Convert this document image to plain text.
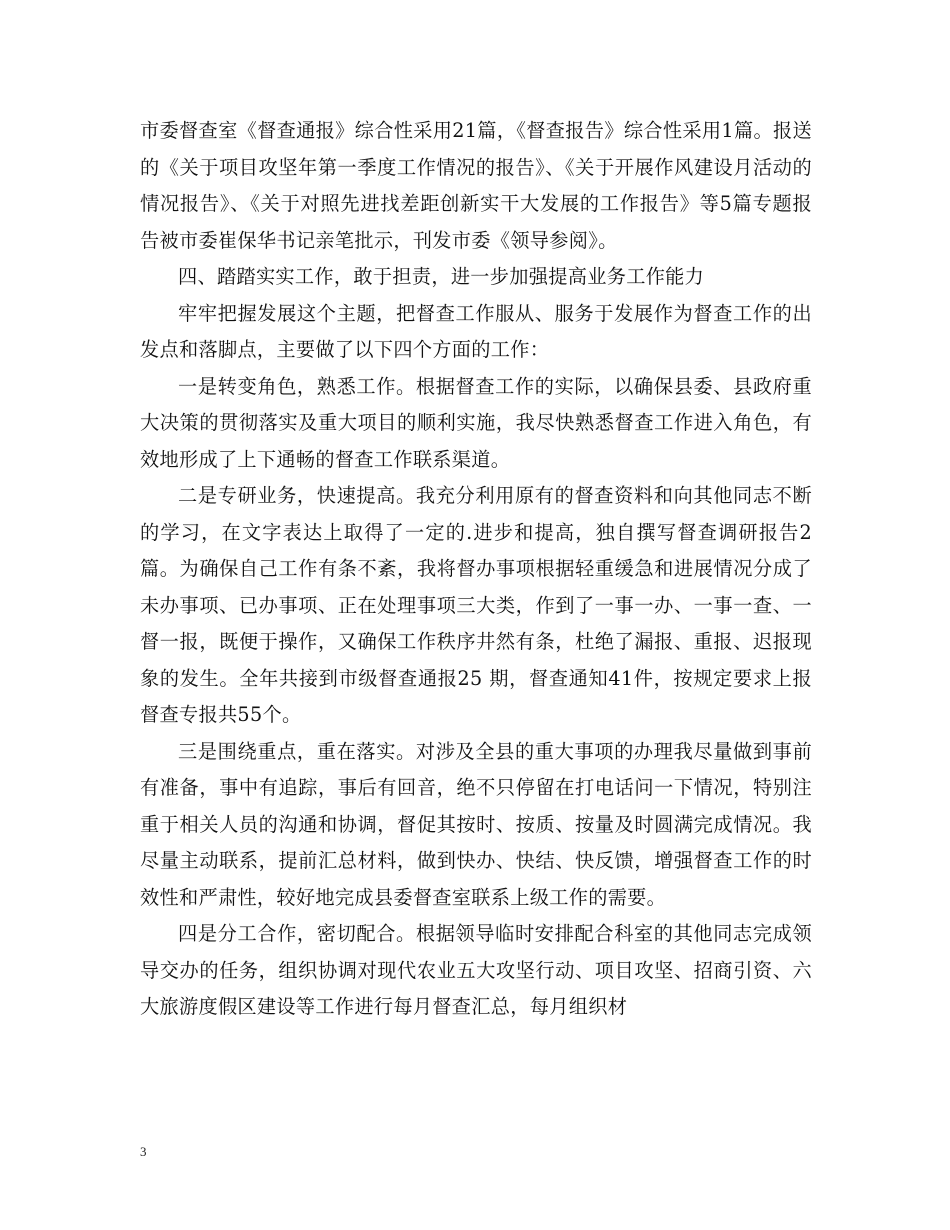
市委督查室《督查通报》综合性采用21篇，《督查报告》综合性采用1篇。报送的《关于项目攻坚年第一季度工作情况的报告》、《关于开展作风建设月活动的情况报告》、《关于对照先进找差距创新实干大发展的工作报告》等5篇专题报告被市委崔保华书记亲笔批示，刊发市委《领导参阅》。

四、踏踏实实工作，敢于担责，进一步加强提高业务工作能力

牢牢把握发展这个主题，把督查工作服从、服务于发展作为督查工作的出发点和落脚点，主要做了以下四个方面的工作：

一是转变角色，熟悉工作。根据督查工作的实际，以确保县委、县政府重大决策的贯彻落实及重大项目的顺利实施，我尽快熟悉督查工作进入角色，有效地形成了上下通畅的督查工作联系渠道。

二是专研业务，快速提高。我充分利用原有的督查资料和向其他同志不断的学习，在文字表达上取得了一定的.进步和提高，独自撰写督查调研报告2篇。为确保自己工作有条不紊，我将督办事项根据轻重缓急和进展情况分成了未办事项、已办事项、正在处理事项三大类，作到了一事一办、一事一查、一督一报，既便于操作，又确保工作秩序井然有条，杜绝了漏报、重报、迟报现象的发生。全年共接到市级督查通报25 期，督查通知41件，按规定要求上报督查专报共55个。

三是围绕重点，重在落实。对涉及全县的重大事项的办理我尽量做到事前有准备，事中有追踪，事后有回音，绝不只停留在打电话问一下情况，特别注重于相关人员的沟通和协调，督促其按时、按质、按量及时圆满完成情况。我尽量主动联系，提前汇总材料，做到快办、快结、快反馈，增强督查工作的时效性和严肃性，较好地完成县委督查室联系上级工作的需要。

四是分工合作，密切配合。根据领导临时安排配合科室的其他同志完成领导交办的任务，组织协调对现代农业五大攻坚行动、项目攻坚、招商引资、六大旅游度假区建设等工作进行每月督查汇总，每月组织材

3
